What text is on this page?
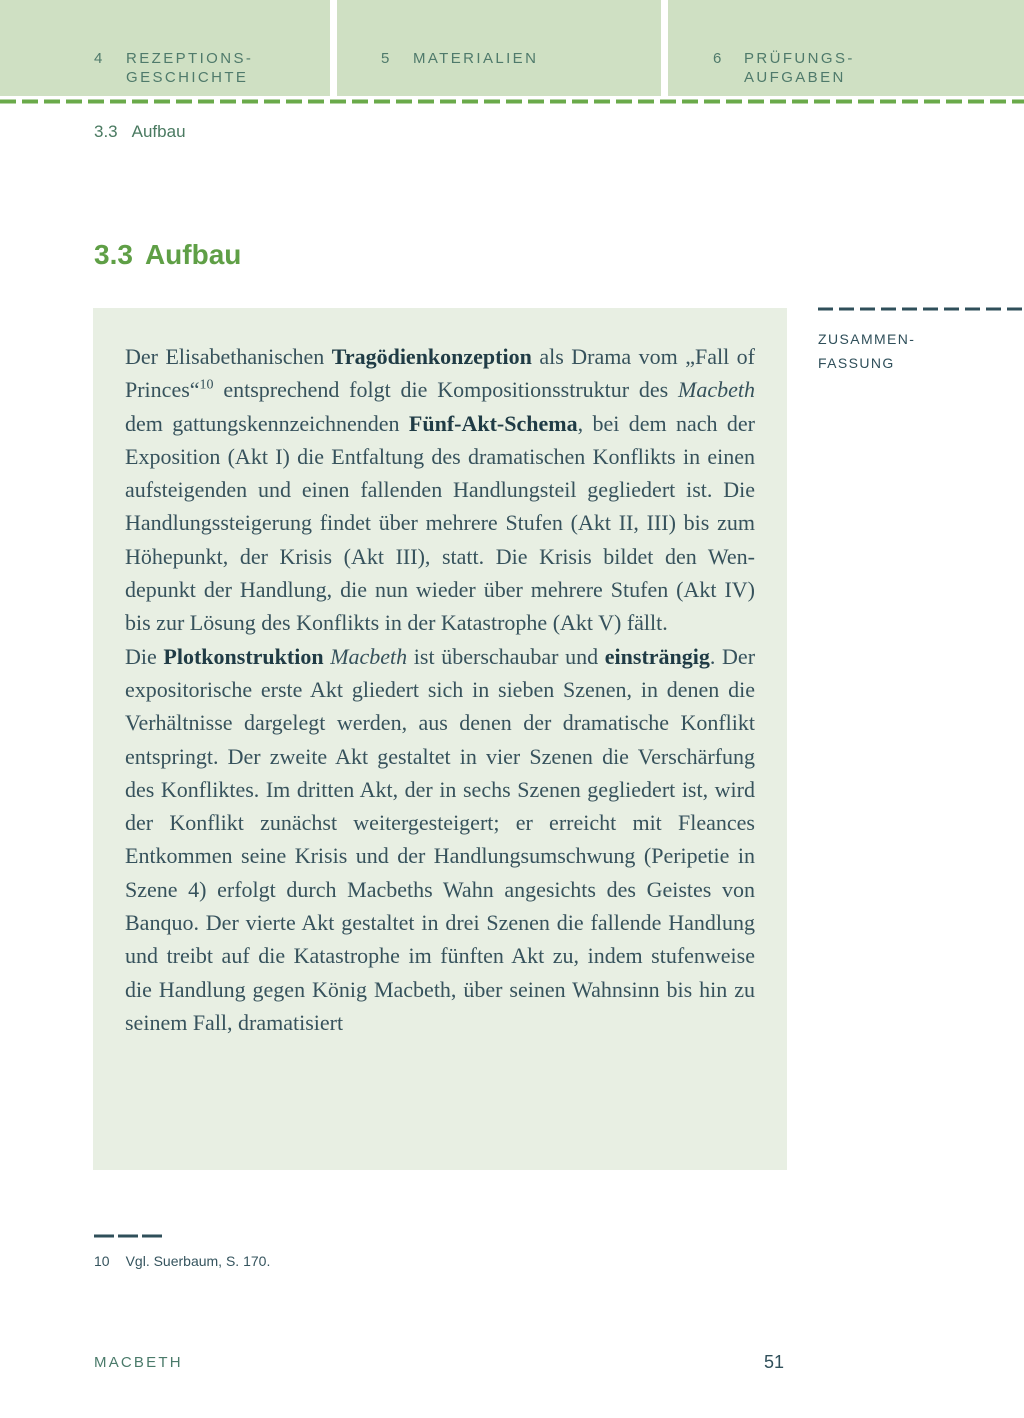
4 REZEPTIONS-
GESCHICHTE
5 MATERIALIEN	6 PRÜFUNGS-
AUFGABEN
3.3 Aufbau
3.3 Aufbau
ZUSAMMEN-
FASSUNG

Der Elisabethanischen Tragödienkonzeption als Drama vom „Fall of Princes“$^{10}$ entsprechend folgt die Kompositionsstruktur des Macbeth dem gattungskennzeichnenden Fünf-Akt-Schema, bei dem nach der Exposition (Akt I) die Entfaltung des dramatischen Konflikts in einen aufsteigenden und einen fallenden Handlungsteil gegliedert ist. Die Handlungssteigerung findet über mehrere Stufen (Akt II, III) bis zum Höhepunkt, der Krisis (Akt III), statt. Die Krisis bildet den Wendepunkt der Handlung, die nun wieder über mehrere Stufen (Akt IV) bis zur Lösung des Konflikts in der Katastrophe (Akt V) fällt.

Die Plotkonstruktion Macbeth ist überschaubar und einsträngig. Der expositorische erste Akt gliedert sich in sieben Szenen, in denen die Verhältnisse dargelegt werden, aus denen der dramatische Konflikt entspringt. Der zweite Akt gestaltet in vier Szenen die Verschärfung des Konfliktes. Im dritten Akt, der in sechs Szenen gegliedert ist, wird der Konflikt zunächst weitergesteigert; er erreicht mit Fleances Entkommen seine Krisis und der Handlungsumschwung (Peripetie in Szene 4) erfolgt durch Macbeths Wahn angesichts des Geistes von Banquo. Der vierte Akt gestaltet in drei Szenen die fallende Handlung und treibt auf die Katastrophe im fünften Akt zu, indem stufenweise die Handlung gegen König Macbeth, über seinen Wahnsinn bis hin zu seinem Fall, dramatisiert

10 Vgl. Suerbaum, S. 170.
MACBETH	51
